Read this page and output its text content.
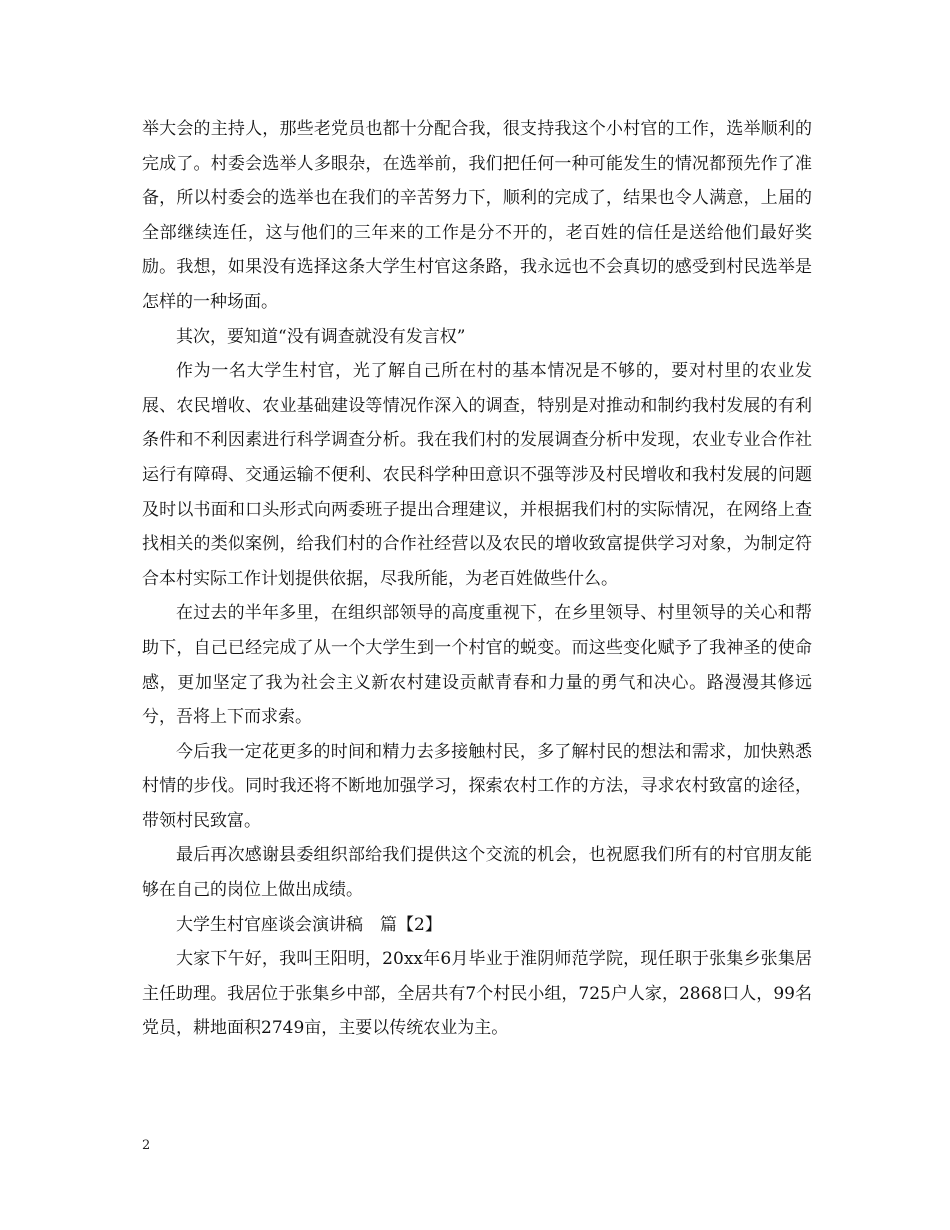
举大会的主持人，那些老党员也都十分配合我，很支持我这个小村官的工作，选举顺利的完成了。村委会选举人多眼杂，在选举前，我们把任何一种可能发生的情况都预先作了准备，所以村委会的选举也在我们的辛苦努力下，顺利的完成了，结果也令人满意，上届的全部继续连任，这与他们的三年来的工作是分不开的，老百姓的信任是送给他们最好奖励。我想，如果没有选择这条大学生村官这条路，我永远也不会真切的感受到村民选举是怎样的一种场面。

其次，要知道“没有调查就没有发言权”

作为一名大学生村官，光了解自己所在村的基本情况是不够的，要对村里的农业发展、农民增收、农业基础建设等情况作深入的调查，特别是对推动和制约我村发展的有利条件和不利因素进行科学调查分析。我在我们村的发展调查分析中发现，农业专业合作社运行有障碍、交通运输不便利、农民科学种田意识不强等涉及村民增收和我村发展的问题及时以书面和口头形式向两委班子提出合理建议，并根据我们村的实际情况，在网络上查找相关的类似案例，给我们村的合作社经营以及农民的增收致富提供学习对象，为制定符合本村实际工作计划提供依据，尽我所能，为老百姓做些什么。

在过去的半年多里，在组织部领导的高度重视下，在乡里领导、村里领导的关心和帮助下，自己已经完成了从一个大学生到一个村官的蜕变。而这些变化赋予了我神圣的使命感，更加坚定了我为社会主义新农村建设贡献青春和力量的勇气和决心。路漫漫其修远兮，吾将上下而求索。

今后我一定花更多的时间和精力去多接触村民，多了解村民的想法和需求，加快熟悉村情的步伐。同时我还将不断地加强学习，探索农村工作的方法，寻求农村致富的途径，带领村民致富。

最后再次感谢县委组织部给我们提供这个交流的机会，也祝愿我们所有的村官朋友能够在自己的岗位上做出成绩。

大学生村官座谈会演讲稿　篇【2】

大家下午好，我叫王阳明，20xx年6月毕业于淮阴师范学院，现任职于张集乡张集居主任助理。我居位于张集乡中部，全居共有7个村民小组，725户人家，2868口人，99名党员，耕地面积2749亩，主要以传统农业为主。

2
